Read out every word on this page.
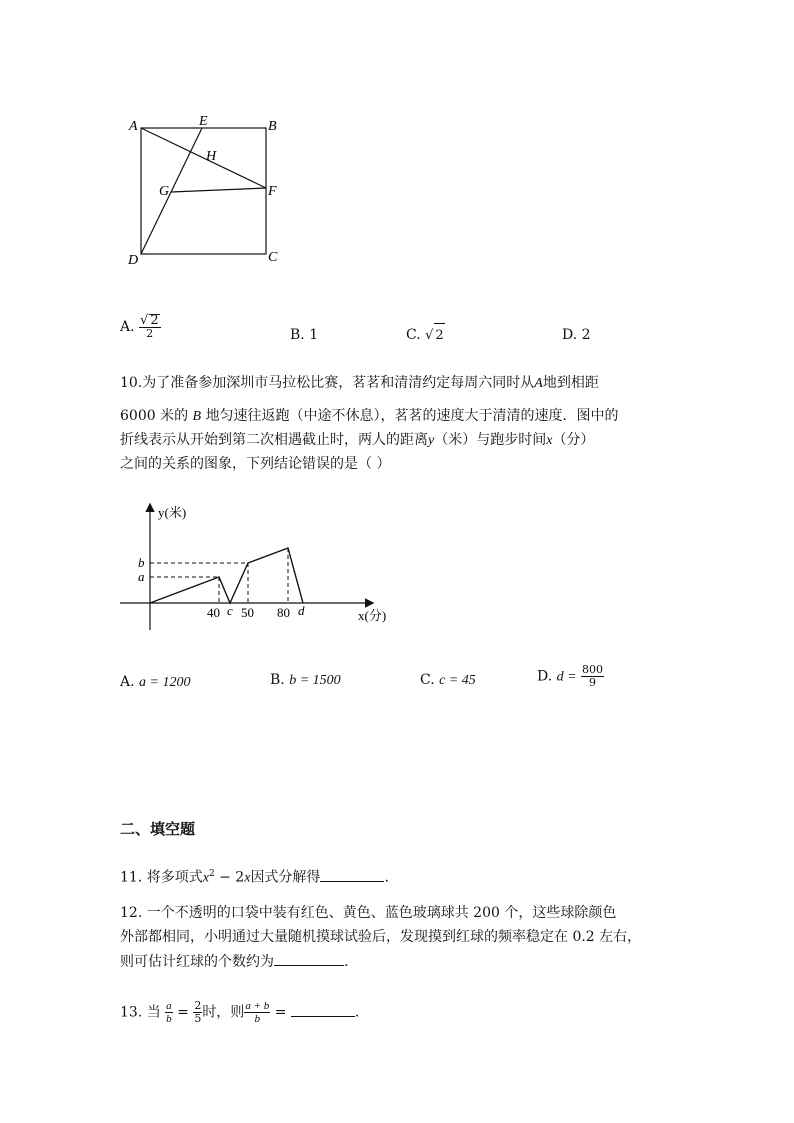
A	E	B
H
G	F
D	C
A. $\frac{√ 2}{2}$	B. 1	C. √ 2	D. 2
10.为了准备参加深圳市马拉松比赛，茗茗和清清约定每周六同时从A地到相距
6000 米的 B 地匀速往返跑（中途不休息），茗茗的速度大于清清的速度．图中的
折线表示从开始到第二次相遇截止时，两人的距离y（米）与跑步时间x（分）
之间的关系的图象，下列结论错误的是（ ）
y(米)
x(分)
b
a
40 c 50 80 d
A. a = 1200	B. b = 1500	C. c = 45	D. $d = \frac{800}{9}$
二、填空题
11. 将多项式$x^2 - 2x$因式分解得	.
12. 一个不透明的口袋中装有红色、黄色、蓝色玻璃球共 200 个，这些球除颜色
外部都相同，小明通过大量随机摸球试验后，发现摸到红球的频率稳定在 0.2 左右，
则可估计红球的个数约为	.
13. 当 $\frac{a}{b} = \frac{2}{5}$ 时，则 $\frac{a + b}{b}$ =	.
